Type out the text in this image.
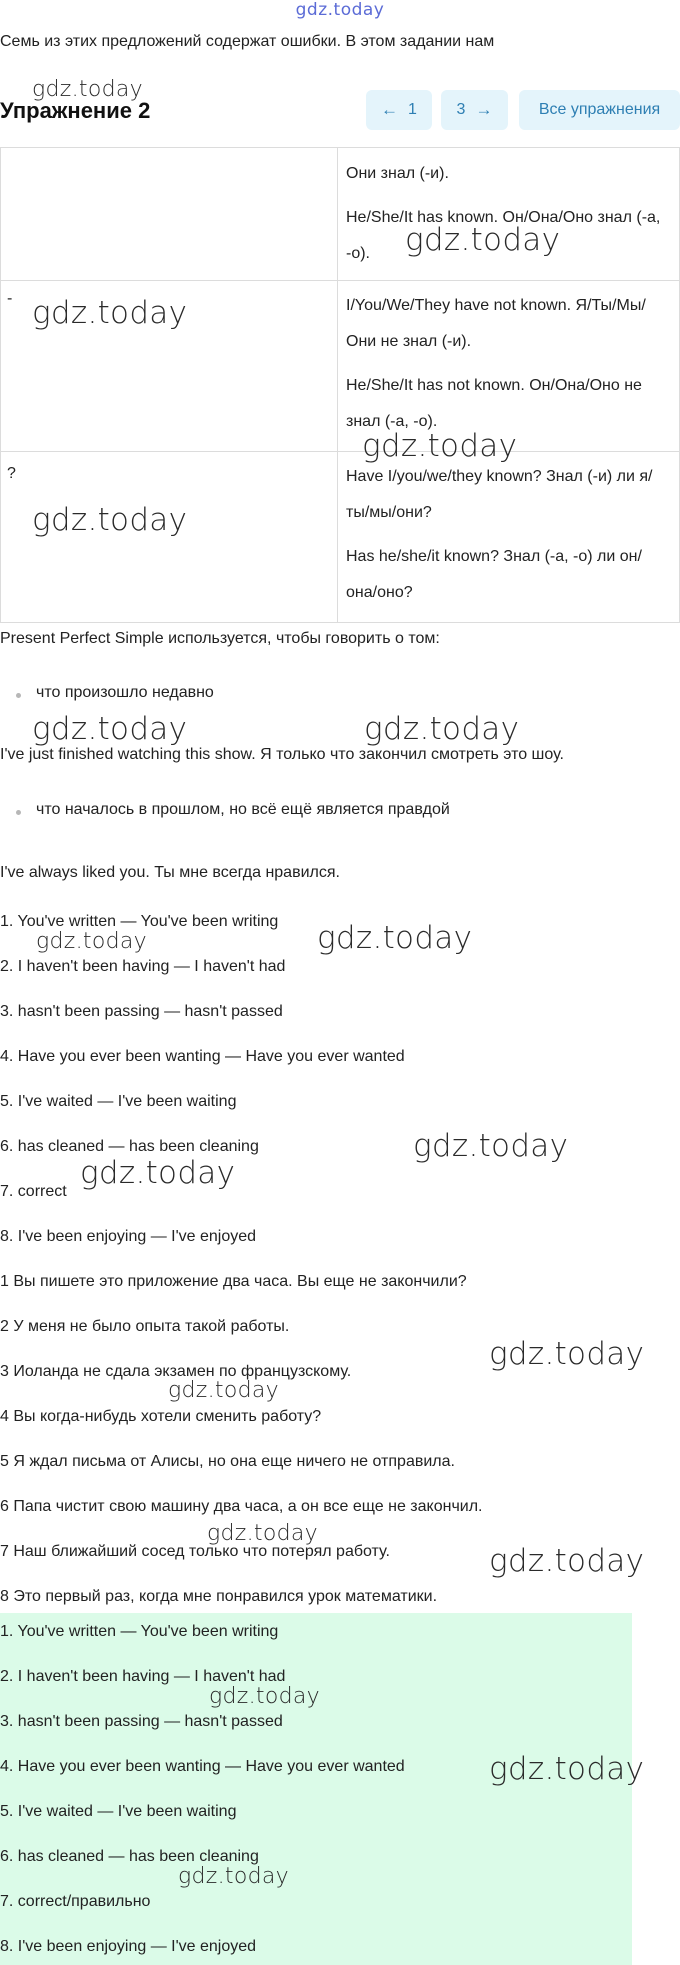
gdz.today
Семь из этих предложений содержат ошибки. В этом задании нам
Упражнение 2	← 1 3 →	Все упражнения

	Они знал (-и).

He/She/It has known. Он/Она/Оно знал (-а, -о).

-	I/You/We/They have not known. Я/Ты/Мы/Они не знал (-и).

He/She/It has not known. Он/Она/Оно не знал (-а, -о).

?	Have I/you/we/they known? Знал (-и) ли я/ты/мы/они?

Has he/she/it known? Знал (-а, -о) ли он/она/оно?

Present Perfect Simple используется, чтобы говорить о том:
что произошло недавно
I've just finished watching this show. Я только что закончил смотреть это шоу.
что началось в прошлом, но всё ещё является правдой
I've always liked you. Ты мне всегда нравился.
1. You've written — You've been writing
2. I haven't been having — I haven't had
3. hasn't been passing — hasn't passed
4. Have you ever been wanting — Have you ever wanted
5. I've waited — I've been waiting
6. has cleaned — has been cleaning
7. correct
8. I've been enjoying — I've enjoyed
1 Вы пишете это приложение два часа. Вы еще не закончили?
2 У меня не было опыта такой работы.
3 Иоланда не сдала экзамен по французскому.
4 Вы когда-нибудь хотели сменить работу?
5 Я ждал письма от Алисы, но она еще ничего не отправила.
6 Папа чистит свою машину два часа, а он все еще не закончил.
7 Наш ближайший сосед только что потерял работу.
8 Это первый раз, когда мне понравился урок математики.
1. You've written — You've been writing
2. I haven't been having — I haven't had
3. hasn't been passing — hasn't passed
4. Have you ever been wanting — Have you ever wanted
5. I've waited — I've been waiting
6. has cleaned — has been cleaning
7. correct/правильно
8. I've been enjoying — I've enjoyed
gdz.today
gdz.today
gdz.today
gdz.today
gdz.today
gdz.today	gdz.today
gdz.today	gdz.today
gdz.today
gdz.today
gdz.today
gdz.today
gdz.today
gdz.today
gdz.today
gdz.today
gdz.today
